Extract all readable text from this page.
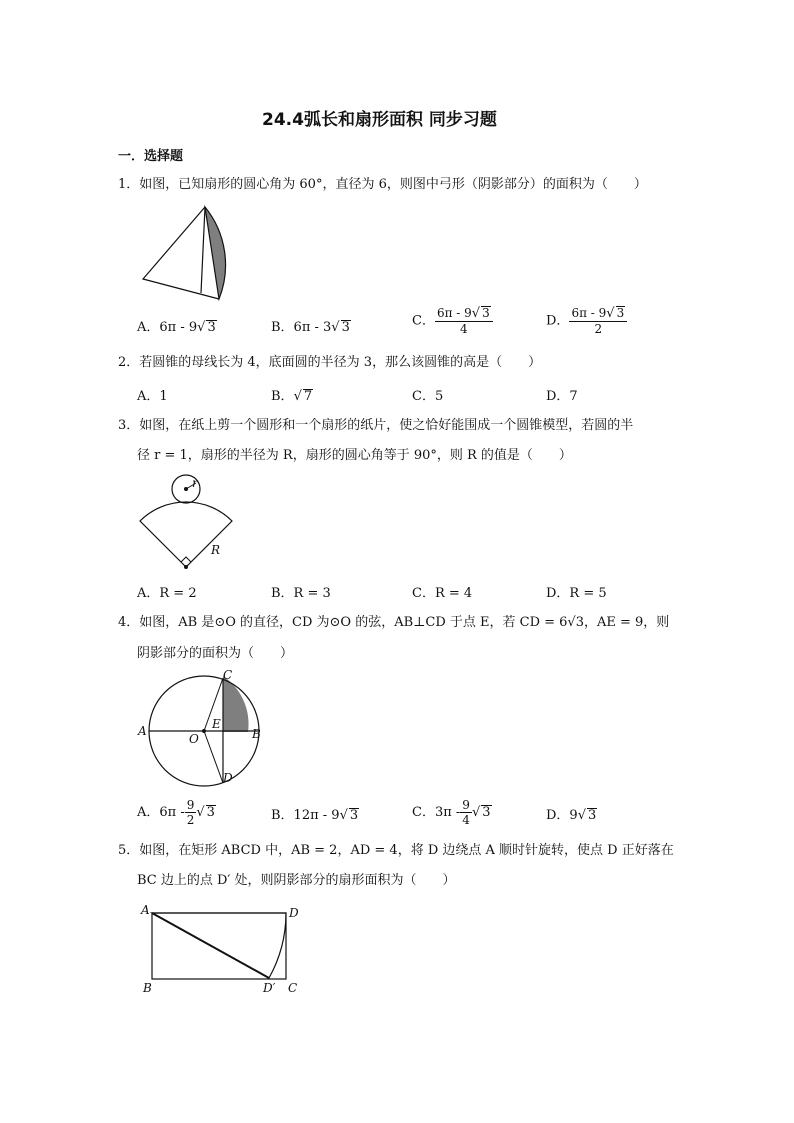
24.4弧长和扇形面积 同步习题
一．选择题
1．如图，已知扇形的圆心角为 60°，直径为 6，则图中弓形（阴影部分）的面积为（　　）
A．6π - 9√ 3	B．6π - 3√ 3	C． $\frac{6\pi - 9√ 3}{4}$	D． $\frac{6\pi - 9√ 3}{2}$
2．若圆锥的母线长为 4，底面圆的半径为 3，那么该圆锥的高是（　　）
A．1	B．√ 7	C．5	D．7
3．如图，在纸上剪一个圆形和一个扇形的纸片，使之恰好能围成一个圆锥模型，若圆的半
径 r = 1，扇形的半径为 R，扇形的圆心角等于 90°，则 R 的值是（　　）
r
R
A．R = 2	B．R = 3	C．R = 4	D．R = 5
4．如图，AB 是⊙O 的直径，CD 为⊙O 的弦，AB⊥CD 于点 E，若 CD = 6√3，AE = 9，则
阴影部分的面积为（　　）
A	B
C
D
E
O
A．$6\pi - \frac{9}{2}$ √ 3	B．12π - 9√ 3	C．$3\pi - \frac{9}{4}$ √ 3	D．9√ 3
5．如图，在矩形 ABCD 中，AB = 2，AD = 4，将 D 边绕点 A 顺时针旋转，使点 D 正好落在
BC 边上的点 D′ 处，则阴影部分的扇形面积为（　　）
A
B	C
D
D′
